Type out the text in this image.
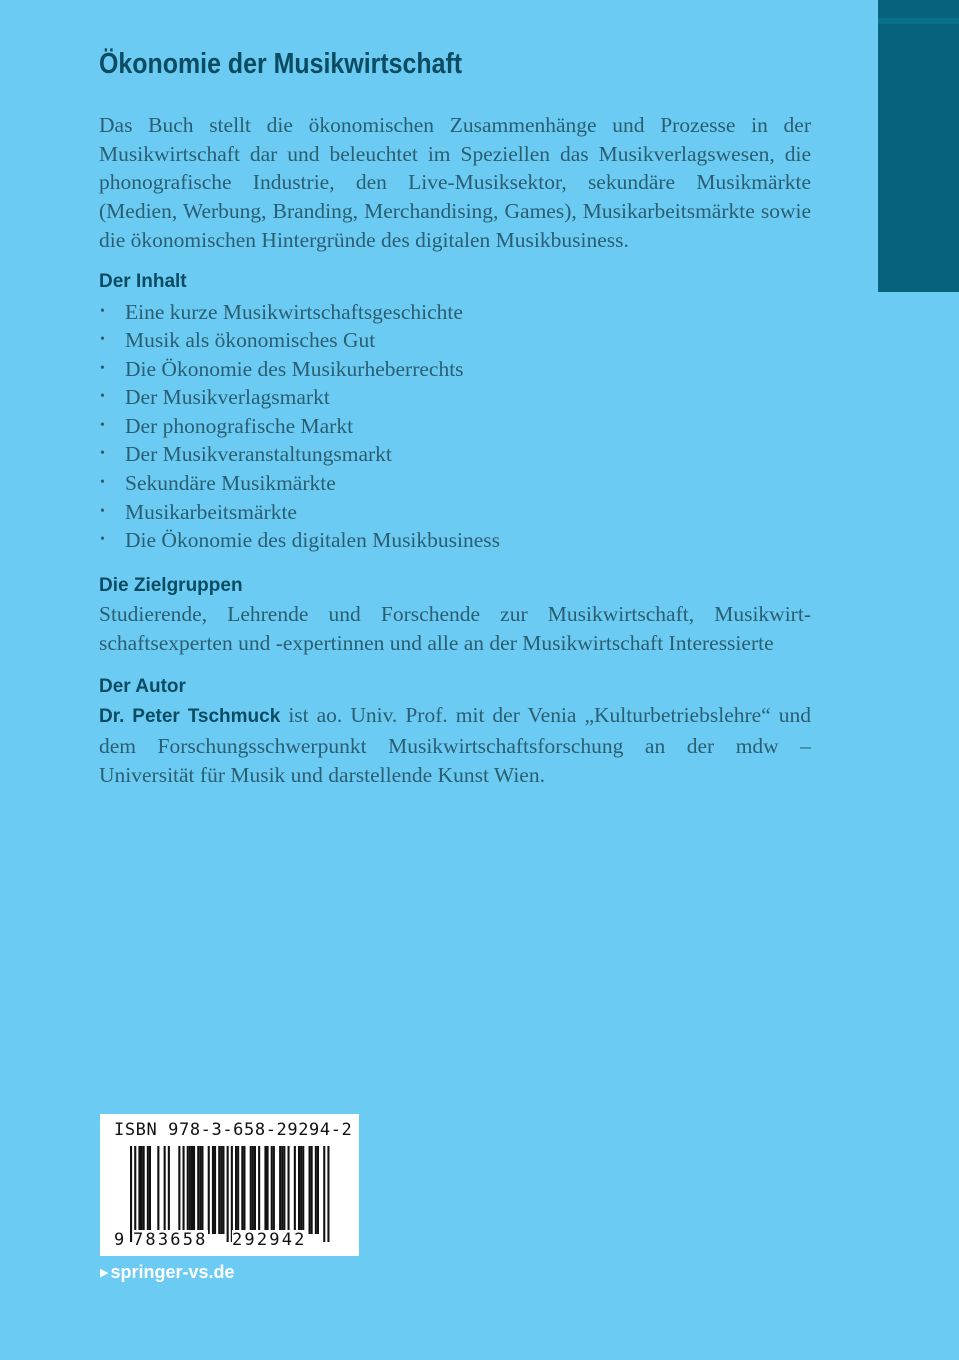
Ökonomie der Musikwirtschaft

Das Buch stellt die ökonomischen Zusammenhänge und Prozesse in der Musikwirtschaft dar und beleuchtet im Speziellen das Musikverlagswesen, die phonografische Industrie, den Live-Musiksektor, sekundäre Musikmärkte (Medien, Werbung, Branding, Merchandising, Games), Musikarbeitsmärkte sowie die ökonomischen Hintergründe des digitalen Musikbusiness.

Der Inhalt
• Eine kurze Musikwirtschaftsgeschichte
• Musik als ökonomisches Gut
• Die Ökonomie des Musikurheberrechts
• Der Musikverlagsmarkt
• Der phonografische Markt
• Der Musikveranstaltungsmarkt
• Sekundäre Musikmärkte
• Musikarbeitsmärkte
• Die Ökonomie des digitalen Musikbusiness
Die Zielgruppen

Studierende, Lehrende und Forschende zur Musikwirtschaft, Musikwirtschaftsexperten und -expertinnen und alle an der Musikwirtschaft Interessierte

Der Autor

Dr. Peter Tschmuck ist ao. Univ. Prof. mit der Venia „Kulturbetriebslehre“ und dem Forschungsschwerpunkt Musikwirtschaftsforschung an der mdw – Universität für Musik und darstellende Kunst Wien.

ISBN 978-3-658-29294-2
9 783658 292942
▶ springer-vs.de
